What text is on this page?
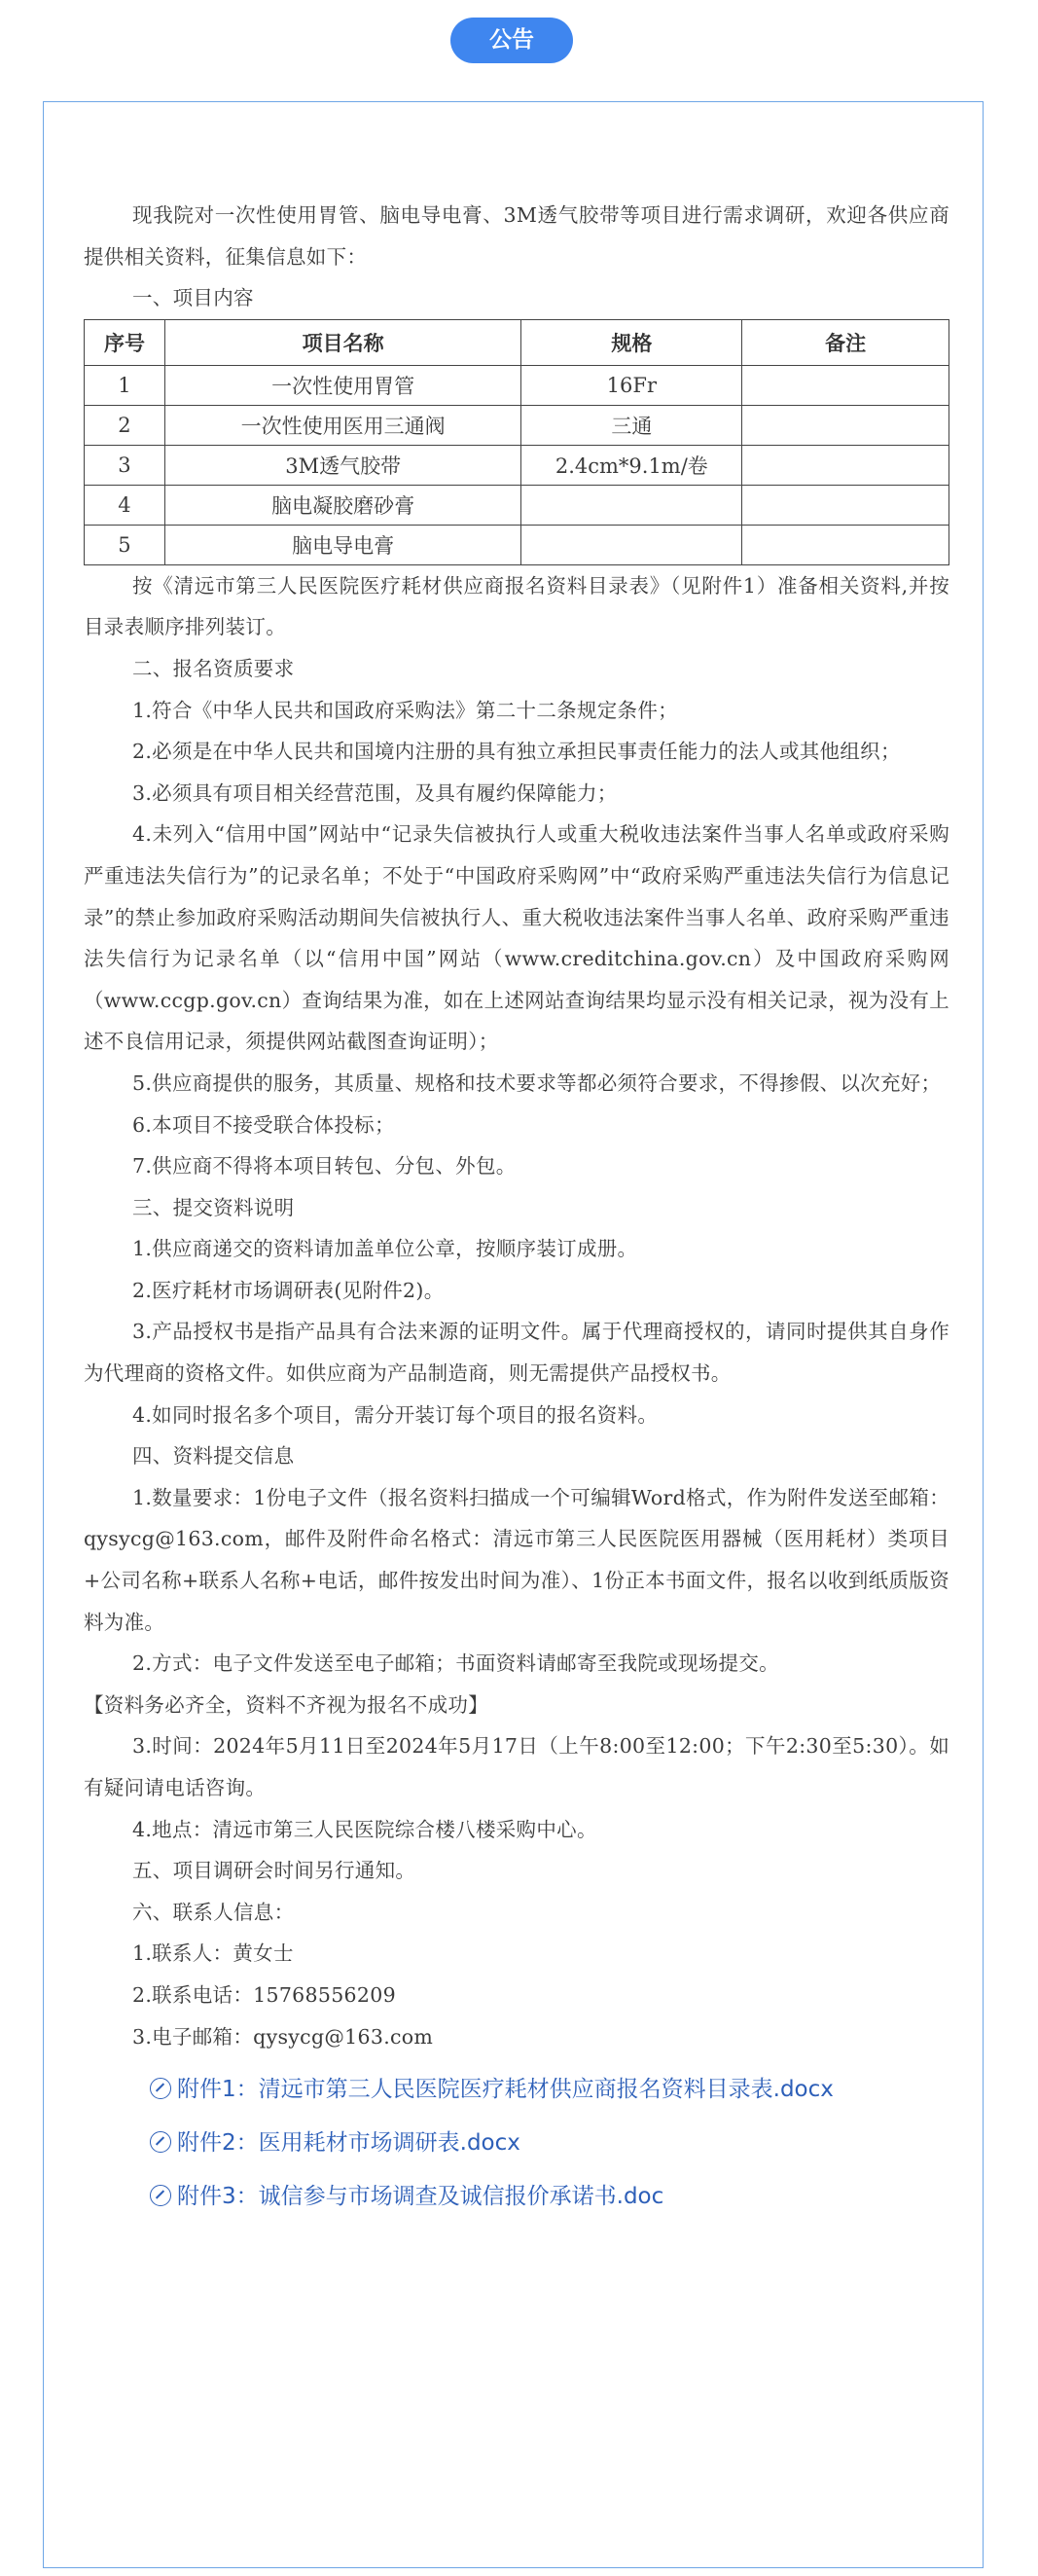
公告

现我院对一次性使用胃管、脑电导电膏、3M透气胶带等项目进行需求调研，欢迎各供应商提供相关资料，征集信息如下：

一、项目内容

序号	项目名称	规格	备注
1	一次性使用胃管	16Fr	
2	一次性使用医用三通阀	三通	
3	3M透气胶带	2.4cm*9.1m/卷	
4	脑电凝胶磨砂膏		
5	脑电导电膏		

按《清远市第三人民医院医疗耗材供应商报名资料目录表》（见附件1）准备相关资料,并按目录表顺序排列装订。

二、报名资质要求

1.符合《中华人民共和国政府采购法》第二十二条规定条件；

2.必须是在中华人民共和国境内注册的具有独立承担民事责任能力的法人或其他组织；

3.必须具有项目相关经营范围，及具有履约保障能力；

4.未列入“信用中国”网站中“记录失信被执行人或重大税收违法案件当事人名单或政府采购严重违法失信行为”的记录名单；不处于“中国政府采购网”中“政府采购严重违法失信行为信息记录”的禁止参加政府采购活动期间失信被执行人、重大税收违法案件当事人名单、政府采购严重违法失信行为记录名单（以“信用中国”网站（www.creditchina.gov.cn）及中国政府采购网（www.ccgp.gov.cn）查询结果为准，如在上述网站查询结果均显示没有相关记录，视为没有上述不良信用记录，须提供网站截图查询证明）；

5.供应商提供的服务，其质量、规格和技术要求等都必须符合要求，不得掺假、以次充好；

6.本项目不接受联合体投标；

7.供应商不得将本项目转包、分包、外包。

三、提交资料说明

1.供应商递交的资料请加盖单位公章，按顺序装订成册。

2.医疗耗材市场调研表(见附件2)。

3.产品授权书是指产品具有合法来源的证明文件。属于代理商授权的，请同时提供其自身作为代理商的资格文件。如供应商为产品制造商，则无需提供产品授权书。

4.如同时报名多个项目，需分开装订每个项目的报名资料。

四、资料提交信息

1.数量要求：1份电子文件（报名资料扫描成一个可编辑Word格式，作为附件发送至邮箱：qysycg@163.com，邮件及附件命名格式：清远市第三人民医院医用器械（医用耗材）类项目+公司名称+联系人名称+电话，邮件按发出时间为准）、1份正本书面文件，报名以收到纸质版资料为准。

2.方式：电子文件发送至电子邮箱；书面资料请邮寄至我院或现场提交。

【资料务必齐全，资料不齐视为报名不成功】

3.时间：2024年5月11日至2024年5月17日（上午8:00至12:00；下午2:30至5:30）。如有疑问请电话咨询。

4.地点：清远市第三人民医院综合楼八楼采购中心。

五、项目调研会时间另行通知。

六、联系人信息：

1.联系人：黄女士

2.联系电话：15768556209

3.电子邮箱：qysycg@163.com

附件1：清远市第三人民医院医疗耗材供应商报名资料目录表.docx
附件2：医用耗材市场调研表.docx
附件3：诚信参与市场调查及诚信报价承诺书.doc
